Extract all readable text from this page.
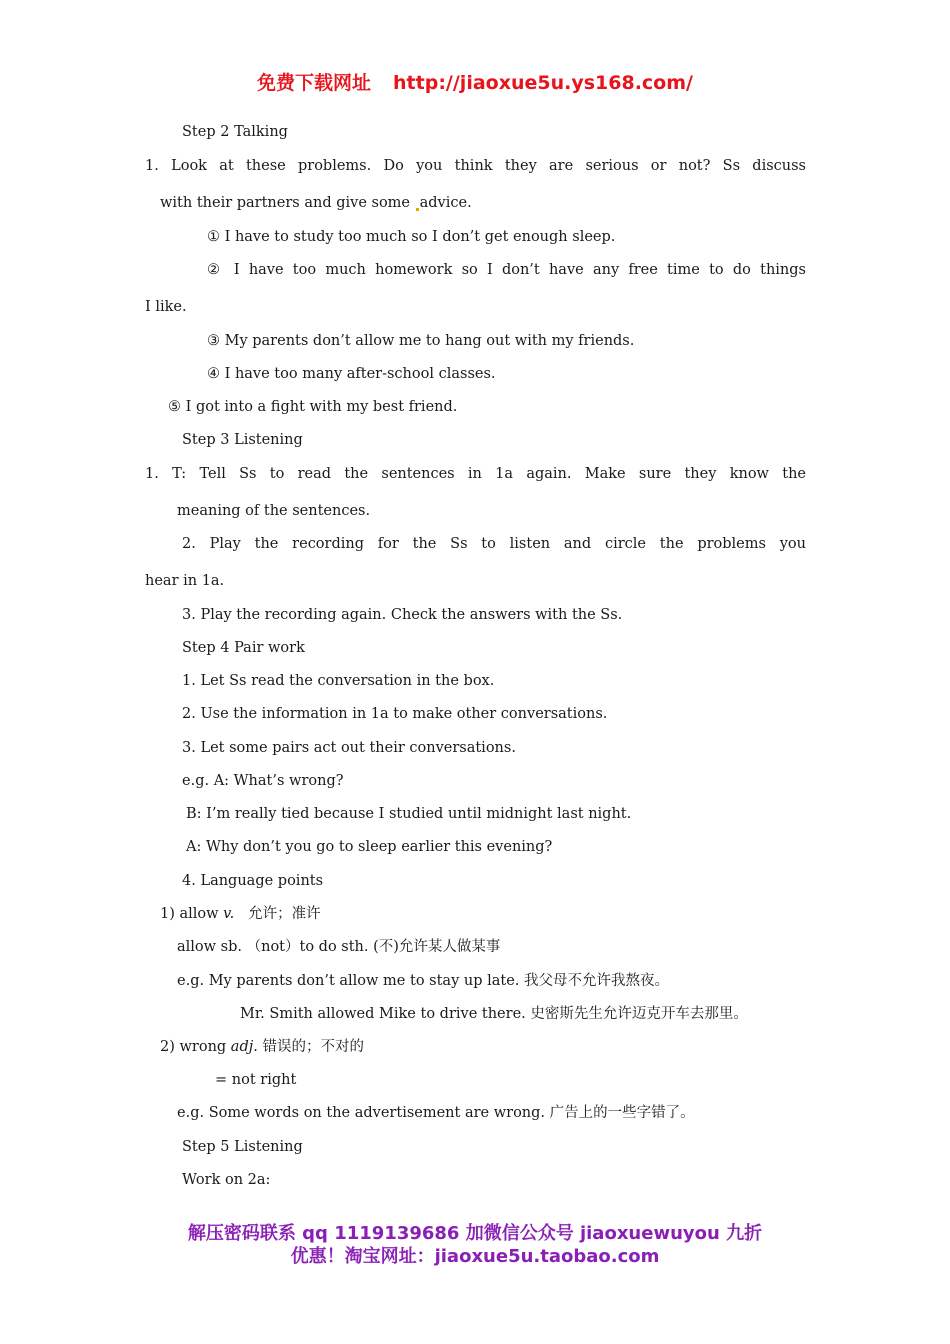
免费下载网址 http://jiaoxue5u.ys168.com/
Step 2 Talking
1. Look at these problems. Do you think they are serious or not? Ss discuss
with their partners and give some advice.
① I have to study too much so I don’t get enough sleep.
② I have too much homework so I don’t have any free time to do things
I like.
③ My parents don’t allow me to hang out with my friends.
④ I have too many after-school classes.
⑤ I got into a fight with my best friend.
Step 3 Listening
1. T: Tell Ss to read the sentences in 1a again. Make sure they know the
meaning of the sentences.
2. Play the recording for the Ss to listen and circle the problems you
hear in 1a.
3. Play the recording again. Check the answers with the Ss.
Step 4 Pair work
1. Let Ss read the conversation in the box.
2. Use the information in 1a to make other conversations.
3. Let some pairs act out their conversations.
e.g. A: What’s wrong?
B: I’m really tied because I studied until midnight last night.
A: Why don’t you go to sleep earlier this evening?
4. Language points
1) allow v. 允许；准许
allow sb. （not）to do sth. (不)允许某人做某事
e.g. My parents don’t allow me to stay up late. 我父母不允许我熬夜。
Mr. Smith allowed Mike to drive there. 史密斯先生允许迈克开车去那里。
2) wrong adj. 错误的；不对的
= not right
e.g. Some words on the advertisement are wrong. 广告上的一些字错了。
Step 5 Listening
Work on 2a:
解压密码联系 qq 1119139686 加微信公众号 jiaoxuewuyou 九折
优惠！淘宝网址：jiaoxue5u.taobao.com
